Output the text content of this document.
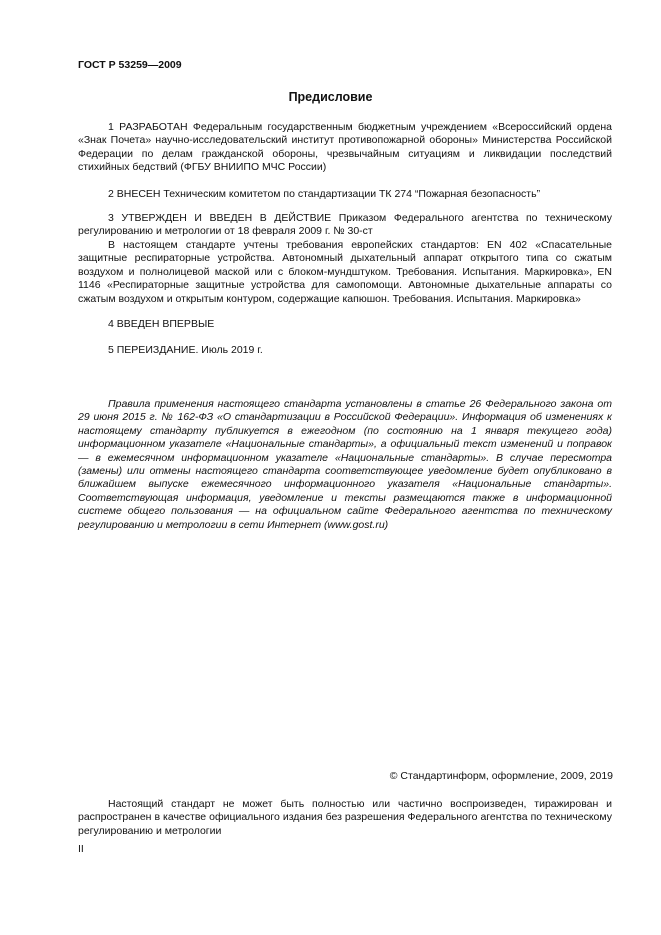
ГОСТ Р 53259—2009
Предисловие

1 РАЗРАБОТАН Федеральным государственным бюджетным учреждением «Всероссийский ордена «Знак Почета» научно-исследовательский институт противопожарной обороны» Министерства Российской Федерации по делам гражданской обороны, чрезвычайным ситуациям и ликвидации последствий стихийных бедствий (ФГБУ ВНИИПО МЧС России)

2 ВНЕСЕН Техническим комитетом по стандартизации ТК 274 “Пожарная безопасность”

3 УТВЕРЖДЕН И ВВЕДЕН В ДЕЙСТВИЕ Приказом Федерального агентства по техническому регулированию и метрологии от 18 февраля 2009 г. № 30-ст

В настоящем стандарте учтены требования европейских стандартов: EN 402 «Спасательные защитные респираторные устройства. Автономный дыхательный аппарат открытого типа со сжатым воздухом и полнолицевой маской или с блоком-мундштуком. Требования. Испытания. Маркировка», EN 1146 «Респираторные защитные устройства для самопомощи. Автономные дыхательные аппараты со сжатым воздухом и открытым контуром, содержащие капюшон. Требования. Испытания. Маркировка»

4 ВВЕДЕН ВПЕРВЫЕ

5 ПЕРЕИЗДАНИЕ. Июль 2019 г.

Правила применения настоящего стандарта установлены в статье 26 Федерального закона от 29 июня 2015 г. № 162-ФЗ «О стандартизации в Российской Федерации». Информация об изменениях к настоящему стандарту публикуется в ежегодном (по состоянию на 1 января текущего года) информационном указателе «Национальные стандарты», а официальный текст изменений и поправок — в ежемесячном информационном указателе «Национальные стандарты». В случае пересмотра (замены) или отмены настоящего стандарта соответствующее уведомление будет опубликовано в ближайшем выпуске ежемесячного информационного указателя «Национальные стандарты». Соответствующая информация, уведомление и тексты размещаются также в информационной системе общего пользования — на официальном сайте Федерального агентства по техническому регулированию и метрологии в сети Интернет (www.gost.ru)

© Стандартинформ, оформление, 2009, 2019

Настоящий стандарт не может быть полностью или частично воспроизведен, тиражирован и распространен в качестве официального издания без разрешения Федерального агентства по техническому регулированию и метрологии

II
